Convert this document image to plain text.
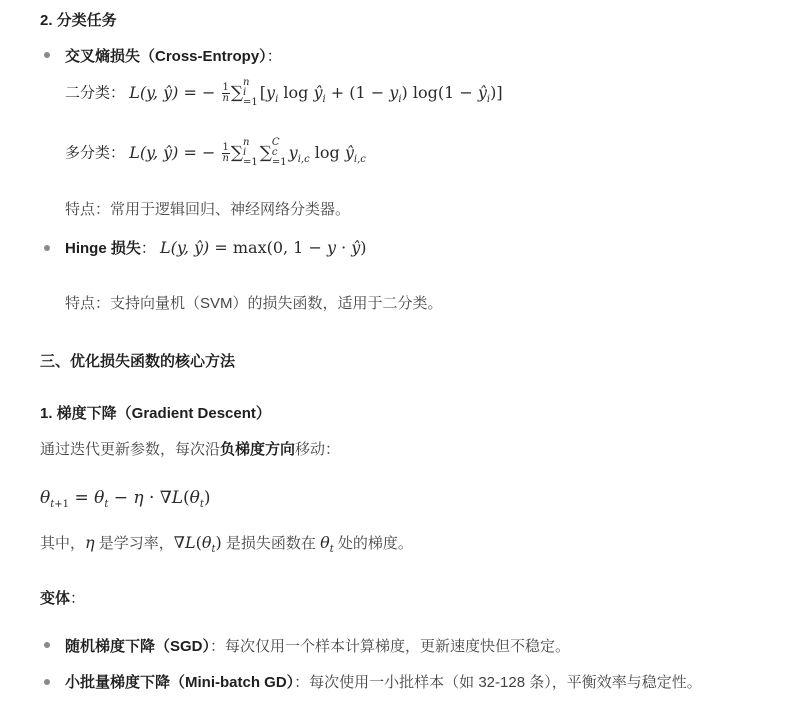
2. 分类任务
交叉熵损失（Cross-Entropy）：
二分类： L(y, ŷ) = − $\frac{1}{n}$ ∑ n
i
=1
[$y_i$ $\log ŷ_i + (1 - y_i) \log(1$ − $ŷ_i$)]
多分类： L(y, ŷ) = − $\frac{1}{n}$ ∑ n
i
=1 ∑ C
c
=1
$y_{i,c}$ $\log ŷ_{i,c}$
特点：常用于逻辑回归、神经网络分类器。
Hinge 损失： L(y, ŷ) = max(0, 1 − y · ŷ)
特点：支持向量机（SVM）的损失函数，适用于二分类。
三、优化损失函数的核心方法
1. 梯度下降（Gradient Descent）
通过迭代更新参数，每次沿负梯度方向移动：
$\theta_{t+1} = \theta_t - \eta \cdot \nabla L(\theta_t)$
其中，η 是学习率，$\nabla L(\theta_t)$ 是损失函数在 $\theta_t$ 处的梯度。
变体：
随机梯度下降（SGD）：每次仅用一个样本计算梯度，更新速度快但不稳定。
小批量梯度下降（Mini-batch GD）：每次使用一小批样本（如 32-128 条），平衡效率与稳定性。
